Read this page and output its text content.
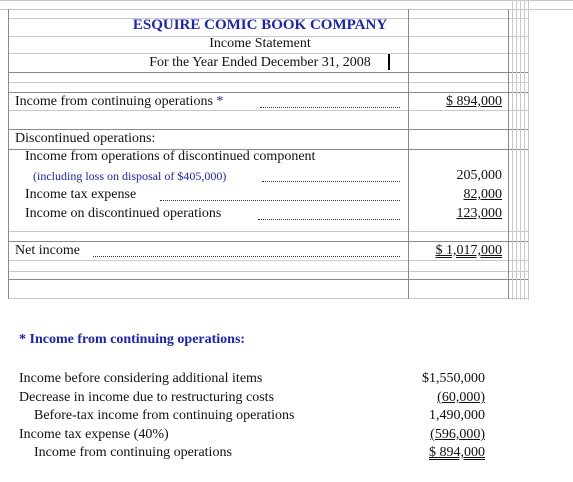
ESQUIRE COMIC BOOK COMPANY
Income Statement
For the Year Ended December 31, 2008
Income from continuing operations *	$ 894,000
Discontinued operations:
Income from operations of discontinued component
(including loss on disposal of $405,000)	205,000
Income tax expense	82,000
Income on discontinued operations	123,000
Net income	$ 1,017,000
* Income from continuing operations:
Income before considering additional items	$1,550,000
Decrease in income due to restructuring costs	(60,000)
Before-tax income from continuing operations	1,490,000
Income tax expense (40%)	(596,000)
Income from continuing operations	$ 894,000
